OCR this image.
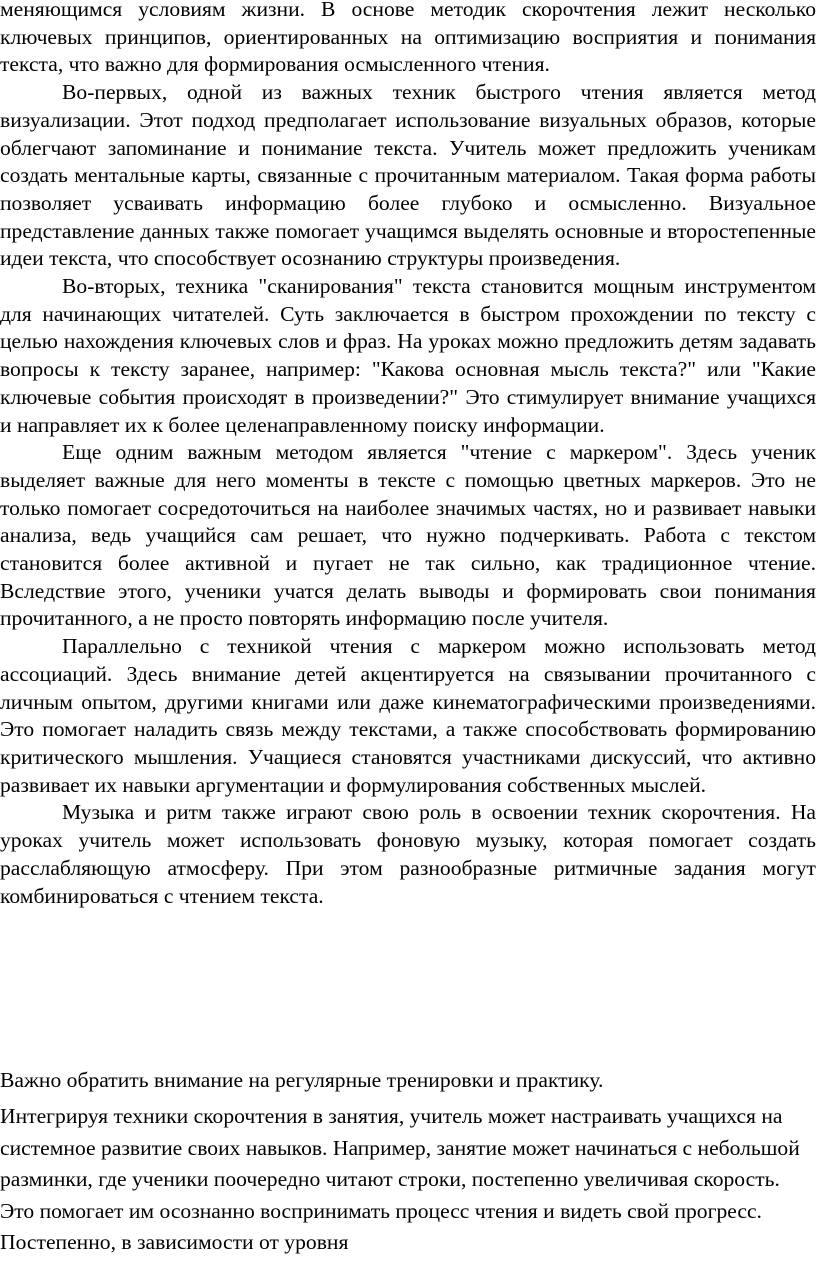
меняющимся условиям жизни. В основе методик скорочтения лежит несколько ключевых принципов, ориентированных на оптимизацию восприятия и понимания текста, что важно для формирования осмысленного чтения.

Во-первых, одной из важных техник быстрого чтения является метод визуализации. Этот подход предполагает использование визуальных образов, которые облегчают запоминание и понимание текста. Учитель может предложить ученикам создать ментальные карты, связанные с прочитанным материалом. Такая форма работы позволяет усваивать информацию более глубоко и осмысленно. Визуальное представление данных также помогает учащимся выделять основные и второстепенные идеи текста, что способствует осознанию структуры произведения.

Во-вторых, техника "сканирования" текста становится мощным инструментом для начинающих читателей. Суть заключается в быстром прохождении по тексту с целью нахождения ключевых слов и фраз. На уроках можно предложить детям задавать вопросы к тексту заранее, например: "Какова основная мысль текста?" или "Какие ключевые события происходят в произведении?" Это стимулирует внимание учащихся и направляет их к более целенаправленному поиску информации.

Еще одним важным методом является "чтение с маркером". Здесь ученик выделяет важные для него моменты в тексте с помощью цветных маркеров. Это не только помогает сосредоточиться на наиболее значимых частях, но и развивает навыки анализа, ведь учащийся сам решает, что нужно подчеркивать. Работа с текстом становится более активной и пугает не так сильно, как традиционное чтение. Вследствие этого, ученики учатся делать выводы и формировать свои понимания прочитанного, а не просто повторять информацию после учителя.

Параллельно с техникой чтения с маркером можно использовать метод ассоциаций. Здесь внимание детей акцентируется на связывании прочитанного с личным опытом, другими книгами или даже кинематографическими произведениями. Это помогает наладить связь между текстами, а также способствовать формированию критического мышления. Учащиеся становятся участниками дискуссий, что активно развивает их навыки аргументации и формулирования собственных мыслей.

Музыка и ритм также играют свою роль в освоении техник скорочтения. На уроках учитель может использовать фоновую музыку, которая помогает создать расслабляющую атмосферу. При этом разнообразные ритмичные задания могут комбинироваться с чтением текста.

Важно обратить внимание на регулярные тренировки и практику.

Интегрируя техники скорочтения в занятия, учитель может настраивать учащихся на системное развитие своих навыков. Например, занятие может начинаться с небольшой разминки, где ученики поочередно читают строки, постепенно увеличивая скорость. Это помогает им осознанно воспринимать процесс чтения и видеть свой прогресс. Постепенно, в зависимости от уровня
